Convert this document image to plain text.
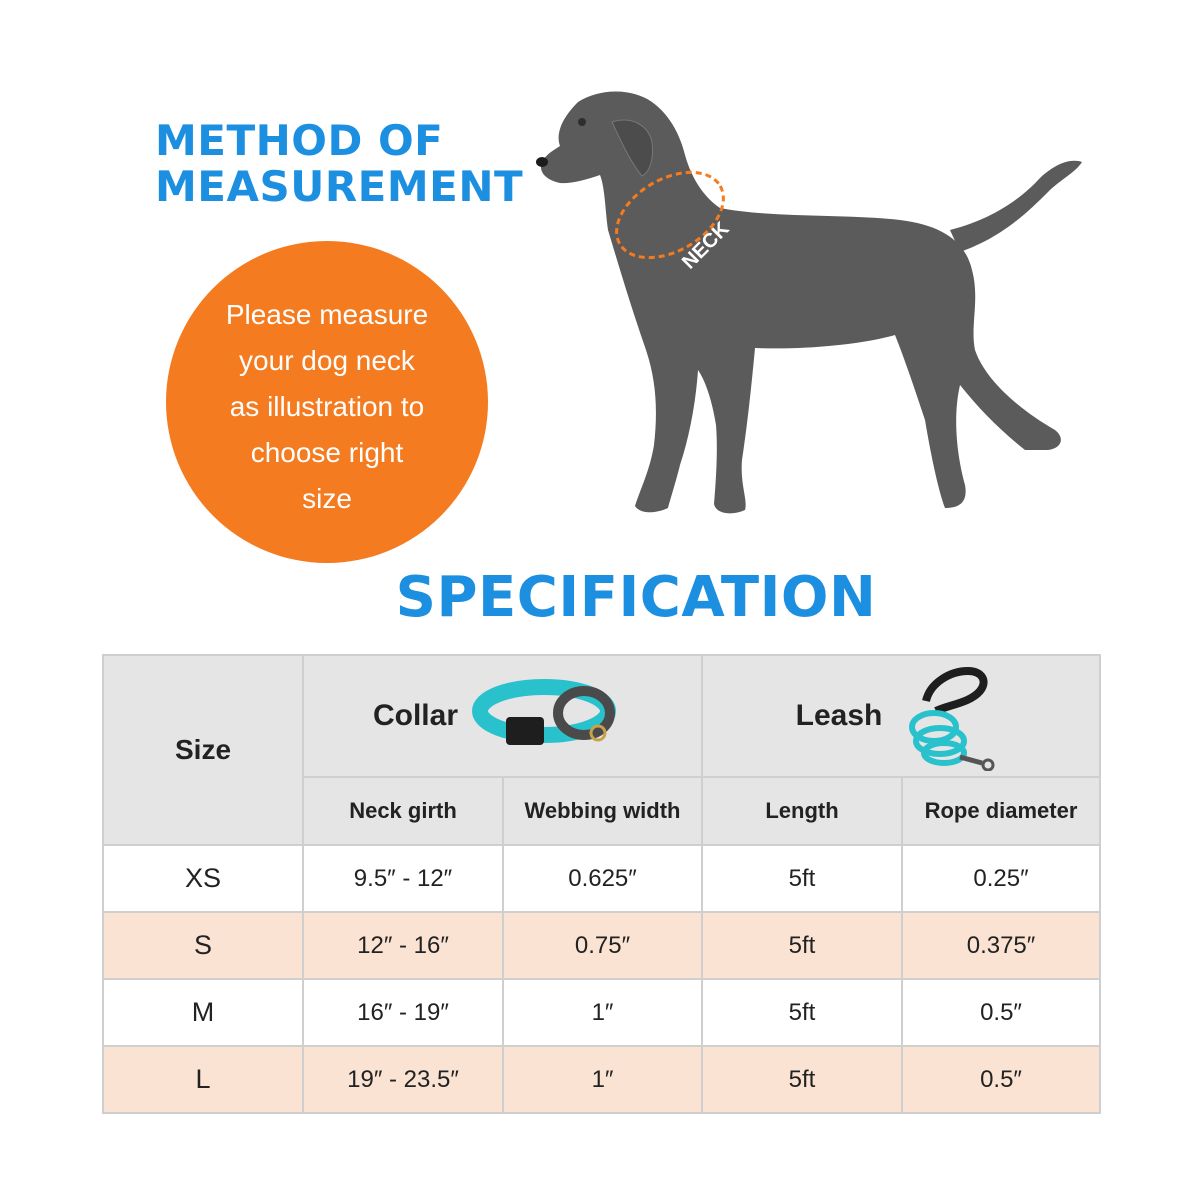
METHOD OF
MEASUREMENT
Please measure your dog neck as illustration to choose right size
NECK
SPECIFICATION
Size	Collar		Leash	

	Neck girth	Webbing width	Length	Rope diameter
XS	9.5″ - 12″	0.625″	5ft	0.25″
S	12″ - 16″	0.75″	5ft	0.375″
M	16″ - 19″	1″	5ft	0.5″
L	19″ - 23.5″	1″	5ft	0.5″
